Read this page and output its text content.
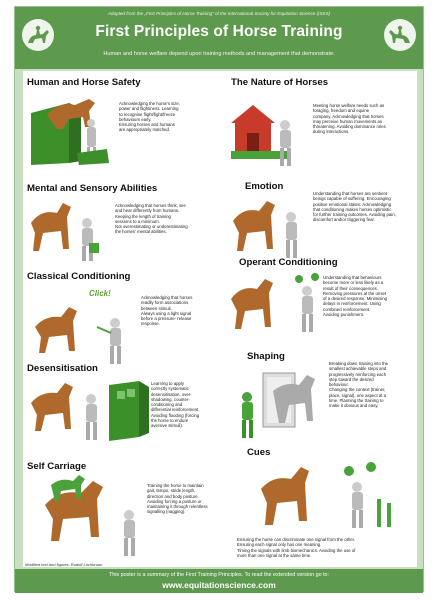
Adapted from the „First Principles of Horse Training” of the International Society for Equitation Science (ISES)
First Principles of Horse Training
Human and horse welfare depend upon training methods and management that demonstrate:
Human and Horse Safety
Acknowledging the horse's size,
power and flightiness. Learning
to recognise flight/fight/freeze
behaviours early.
Ensuring horses and humans
are appropriately matched.
Mental and Sensory Abilities
Acknowledging that horses think, see
and hear differently from humans.
Keeping the length of training
sessions to a minimum.
Not overestimating or underestimating
the horses' mental abilities.
Classical Conditioning
Click!	Acknowledging that horses
readily form associations
between stimuli.
Always using a light signal
before a pressure- release
response.
Desensitisation
Learning to apply
correctly systematic
desensitisation, over-
shadowing, counter-
conditioning and
differential reinforcement.
Avoiding flooding (forcing
the horse to endure
aversive stimuli).
Self Carriage
Training the horse to maintain
gait, tempo, stride length,
direction and body posture.
Avoiding forcing a posture or
maintaining it through relentless
signalling (nagging).
The Nature of Horses
Meeting horse welfare needs such as
foraging, freedom and equine
company. Acknowledging that horses
may perceive human movements as
threatening. Avoiding dominance roles
during interactions.
Emotion
Understanding that horses are sentient
beings capable of suffering. Encouraging
positive emotional states. Acknowledging
that conditioning makes horses optimistic
for further training outcomes. Avoiding pain,
discomfort and/or triggering fear.
Operant Conditioning
Understanding that behaviours
become more or less likely as a
result of their consequences.
Removing pressures at the onset
of a desired response. Minimising
delays in reinforcement. Using
combined reinforcement.
Avoiding punishment.
Shaping
Breaking down training into the
smallest achievable steps and
progressively reinforcing each
step toward the desired
behaviour.
Changing the context (trainer,
place, signal), one aspect at a
time. Planning the training to
make it obvious and easy.
Cues
Ensuring the horse can discriminate one signal from the other.
Ensuring each signal only has one meaning.
Timing the signals with limb biomechanics. Avoiding the use of
more than one signal at the same time.
Modified text and figures: Rudolf Lochbrunn
This poster is a summary of the First Training Principles. To read the extended version go to:
www.equitationscience.com
